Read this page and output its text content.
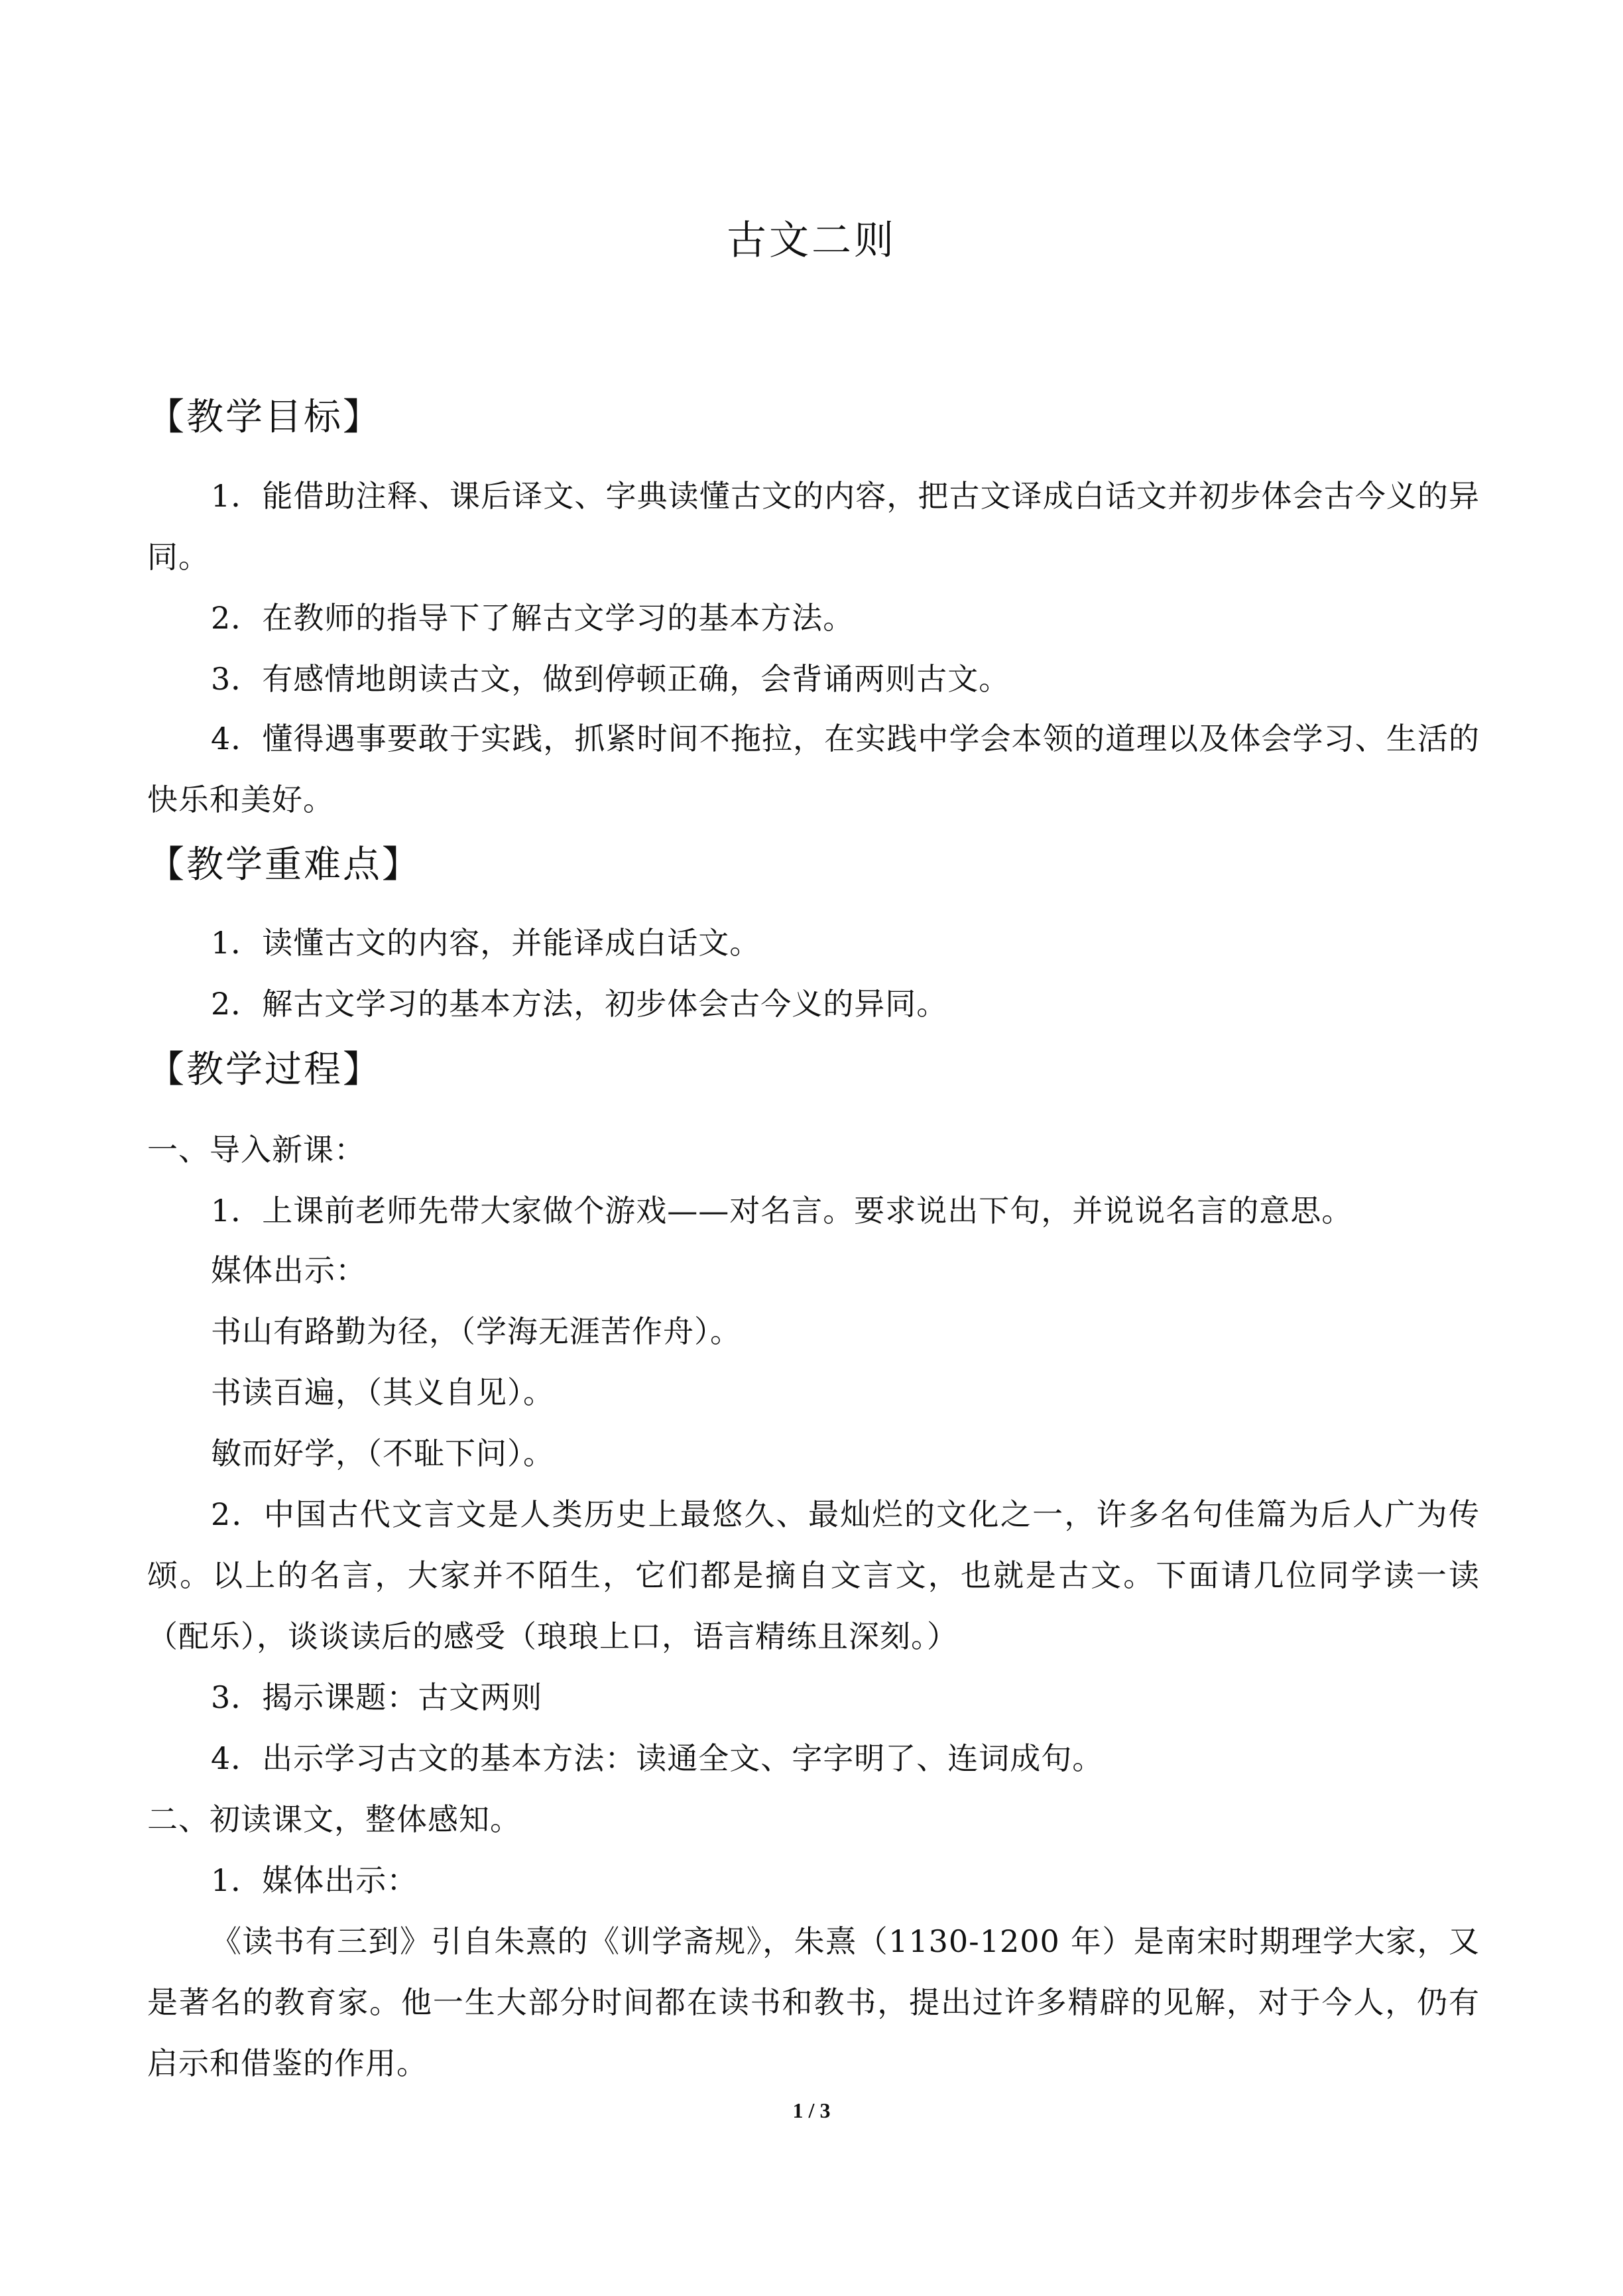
古文二则
【教学目标】

1．能借助注释、课后译文、字典读懂古文的内容，把古文译成白话文并初步体会古今义的异同。

2．在教师的指导下了解古文学习的基本方法。

3．有感情地朗读古文，做到停顿正确，会背诵两则古文。

4．懂得遇事要敢于实践，抓紧时间不拖拉，在实践中学会本领的道理以及体会学习、生活的快乐和美好。

【教学重难点】

1．读懂古文的内容，并能译成白话文。

2．解古文学习的基本方法，初步体会古今义的异同。

【教学过程】

一、导入新课：

1．上课前老师先带大家做个游戏——对名言。要求说出下句，并说说名言的意思。

媒体出示：

书山有路勤为径，（学海无涯苦作舟）。

书读百遍，（其义自见）。

敏而好学，（不耻下问）。

2．中国古代文言文是人类历史上最悠久、最灿烂的文化之一，许多名句佳篇为后人广为传颂。以上的名言，大家并不陌生，它们都是摘自文言文，也就是古文。下面请几位同学读一读（配乐），谈谈读后的感受（琅琅上口，语言精练且深刻。）

3．揭示课题：古文两则

4．出示学习古文的基本方法：读通全文、字字明了、连词成句。

二、初读课文，整体感知。

1．媒体出示：

《读书有三到》引自朱熹的《训学斋规》，朱熹（1130-1200 年）是南宋时期理学大家，又是著名的教育家。他一生大部分时间都在读书和教书，提出过许多精辟的见解，对于今人，仍有启示和借鉴的作用。

1 / 3
